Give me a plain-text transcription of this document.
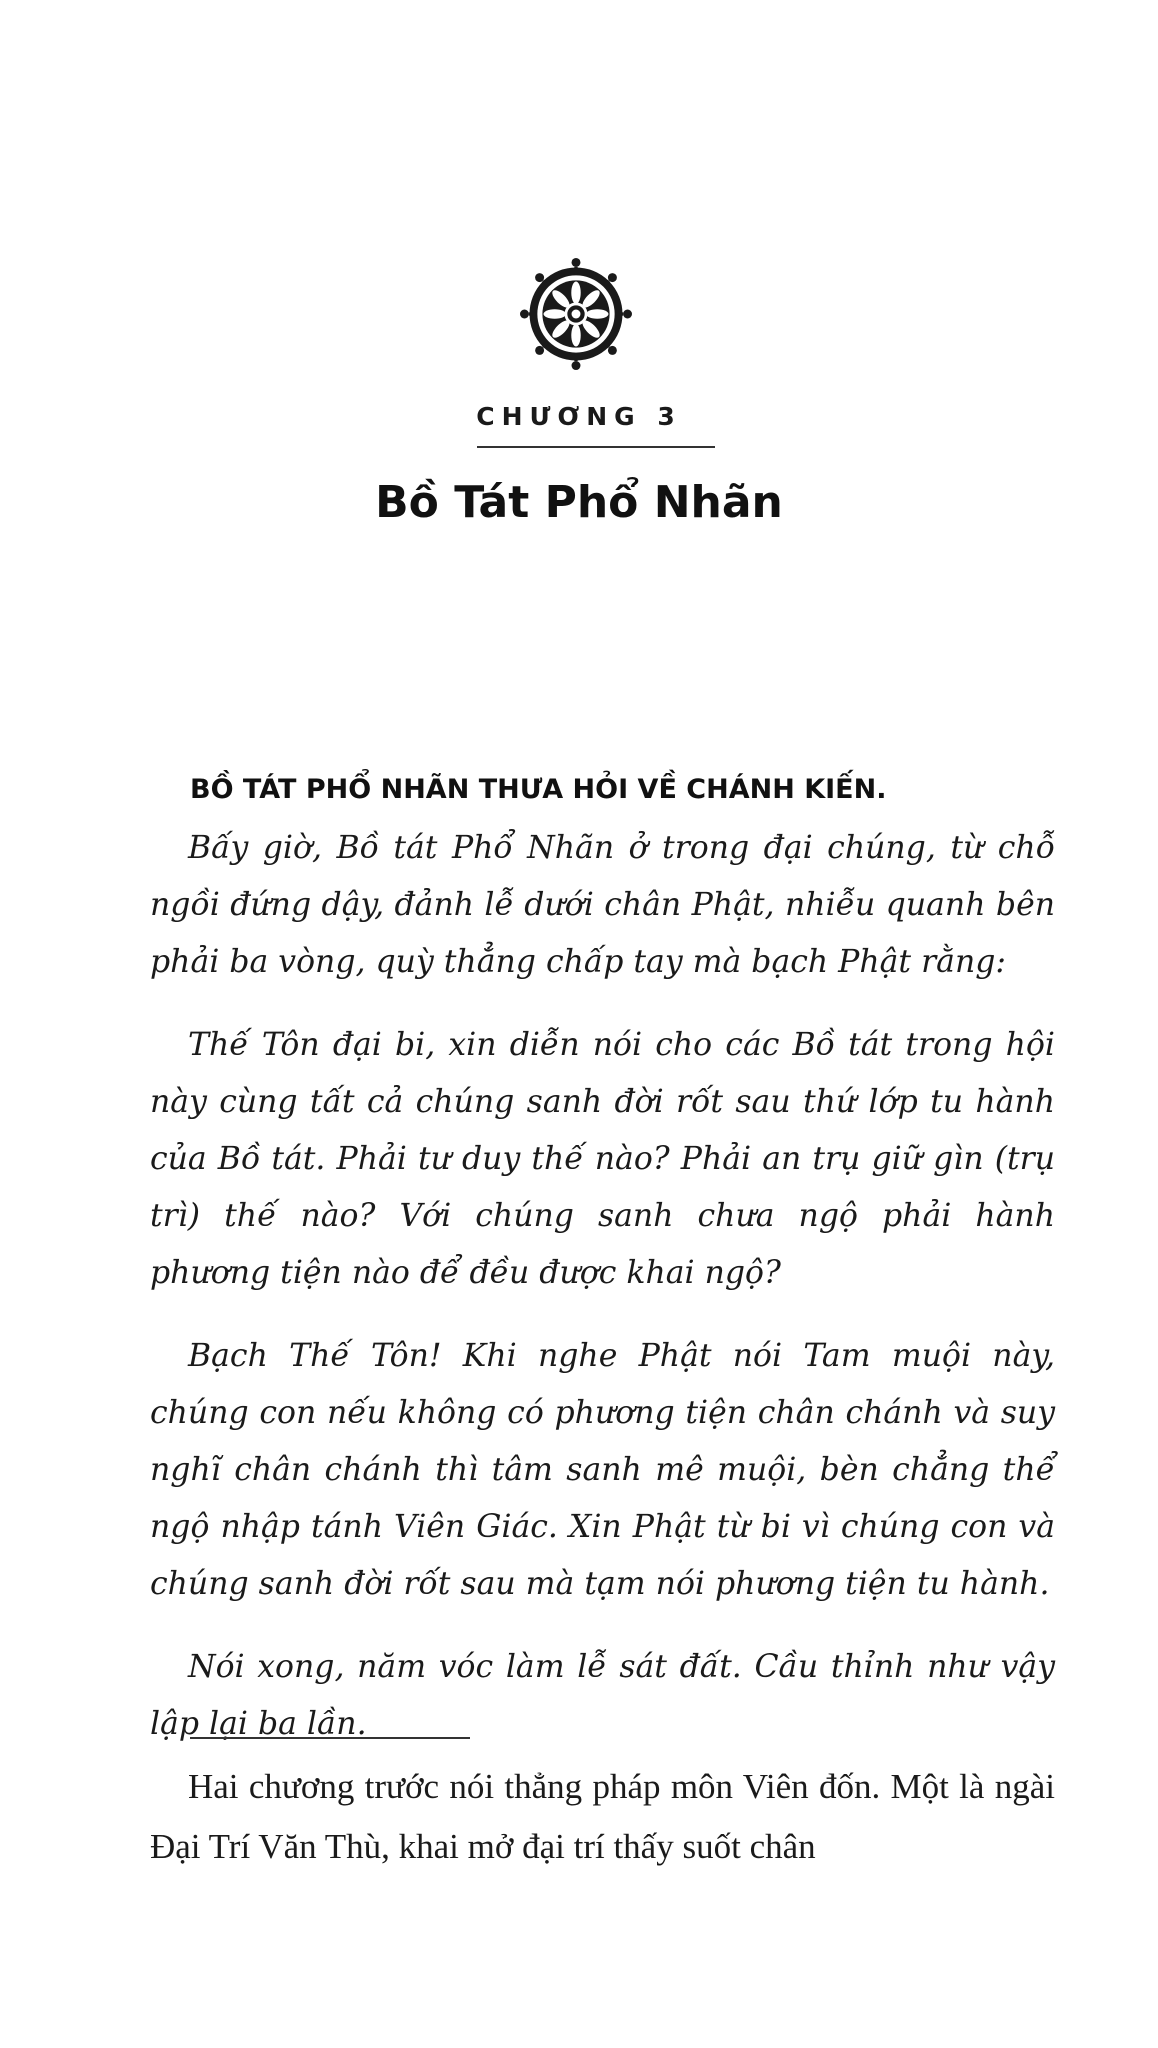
CHƯƠNG 3
Bồ Tát Phổ Nhãn
BỒ TÁT PHỔ NHÃN THƯA HỎI VỀ CHÁNH KIẾN.

Bấy giờ, Bồ tát Phổ Nhãn ở trong đại chúng, từ chỗ ngồi đứng dậy, đảnh lễ dưới chân Phật, nhiễu quanh bên phải ba vòng, quỳ thẳng chấp tay mà bạch Phật rằng:

Thế Tôn đại bi, xin diễn nói cho các Bồ tát trong hội này cùng tất cả chúng sanh đời rốt sau thứ lớp tu hành của Bồ tát. Phải tư duy thế nào? Phải an trụ giữ gìn (trụ trì) thế nào? Với chúng sanh chưa ngộ phải hành phương tiện nào để đều được khai ngộ?

Bạch Thế Tôn! Khi nghe Phật nói Tam muội này, chúng con nếu không có phương tiện chân chánh và suy nghĩ chân chánh thì tâm sanh mê muội, bèn chẳng thể ngộ nhập tánh Viên Giác. Xin Phật từ bi vì chúng con và chúng sanh đời rốt sau mà tạm nói phương tiện tu hành.

Nói xong, năm vóc làm lễ sát đất. Cầu thỉnh như vậy lập lại ba lần.

Hai chương trước nói thẳng pháp môn Viên đốn. Một là ngài Đại Trí Văn Thù, khai mở đại trí thấy suốt chân
